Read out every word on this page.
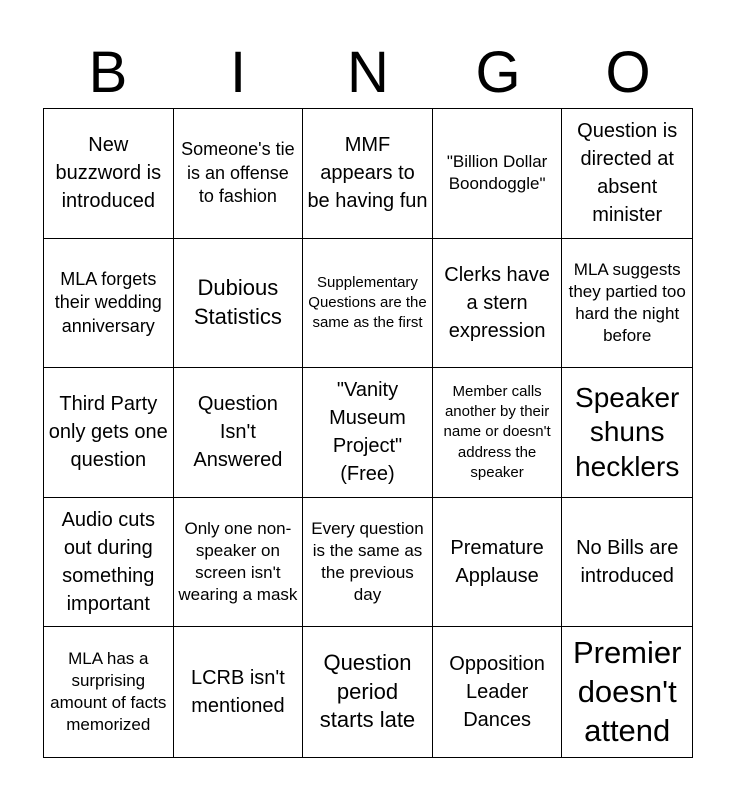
B	I	N	G	O
New buzzword is introduced
Someone's tie is an offense to fashion
MMF appears to be having fun
"Billion Dollar Boondoggle"
Question is directed at absent minister
MLA forgets their wedding anniversary
Dubious Statistics
Supplementary Questions are the same as the first
Clerks have a stern expression
MLA suggests they partied too hard the night before
Third Party only gets one question
Question Isn't Answered
"Vanity Museum Project" (Free)
Member calls another by their name or doesn't address the speaker
Speaker shuns hecklers
Audio cuts out during something important
Only one non-speaker on screen isn't wearing a mask
Every question is the same as the previous day
Premature Applause
No Bills are introduced
MLA has a surprising amount of facts memorized
LCRB isn't mentioned
Question period starts late
Opposition Leader Dances
Premier doesn't attend
